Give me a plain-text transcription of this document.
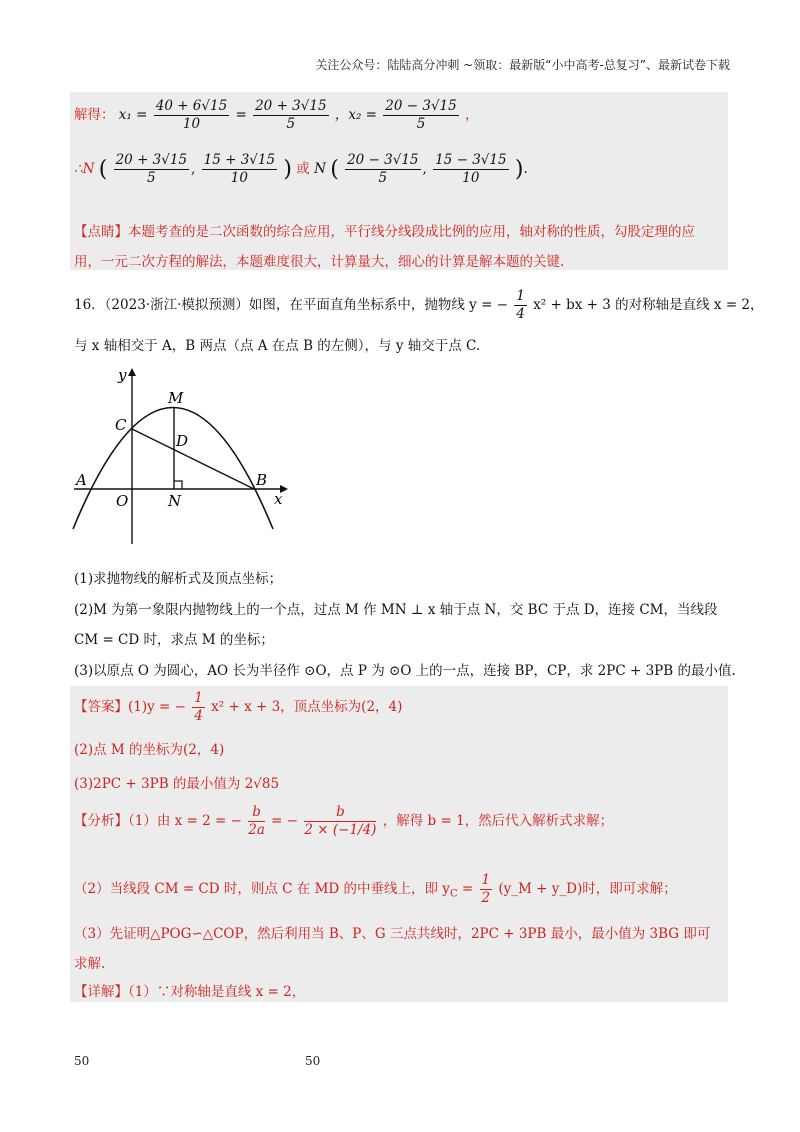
关注公众号：陆陆高分冲刺 ~领取：最新版“小中高考-总复习”、最新试卷下载
解得： $x_1 = \frac{40 + 6√15}{10} = \frac{20 + 3√15}{5}$ ，$x_2 = \frac{20 - 3√15}{5}$ ，
∴N ( $\frac{20 + 3√15}{5}$ , $\frac{15 + 3√15}{10}$ ) 或 N ( $\frac{20 - 3√15}{5}$ , $\frac{15 - 3√15}{10}$ ).
【点睛】本题考查的是二次函数的综合应用，平行线分线段成比例的应用，轴对称的性质，勾股定理的应
用，一元二次方程的解法，本题难度很大，计算量大，细心的计算是解本题的关键.
16．（2023·浙江·模拟预测）如图，在平面直角坐标系中，抛物线 y = − $\frac{1}{4} x^2$ + bx + 3 的对称轴是直线 x = 2，
与 x 轴相交于 A，B 两点（点 A 在点 B 的左侧），与 y 轴交于点 C.
y
x
M
C
D
A
O	N
B
(1)求抛物线的解析式及顶点坐标；
(2)M 为第一象限内抛物线上的一个点，过点 M 作 MN ⊥ x 轴于点 N，交 BC 于点 D，连接 CM，当线段
CM = CD 时，求点 M 的坐标；
(3)以原点 O 为圆心，AO 长为半径作 ⊙O，点 P 为 ⊙O 上的一点，连接 BP，CP，求 2PC + 3PB 的最小值.
【答案】(1)y = − $\frac{1}{4} x^2 + x + 3$，顶点坐标为(2，4)
(2)点 M 的坐标为(2，4)
(3)2PC + 3PB 的最小值为 2√85
【分析】（1）由 x = 2 = − $\frac{b}{2a}$ = − $\frac{b}{2 \times (-1/4)}$ ，解得 b = 1，然后代入解析式求解；
（2）当线段 CM = CD 时，则点 C 在 MD 的中垂线上，即 $y_C = \frac{1}{2}$ (y_M + y_D)时，即可求解；
（3）先证明△POG∽△COP，然后利用当 B、P、G 三点共线时，2PC + 3PB 最小，最小值为 3BG 即可
求解.
【详解】（1）∵对称轴是直线 x = 2，
50	50
